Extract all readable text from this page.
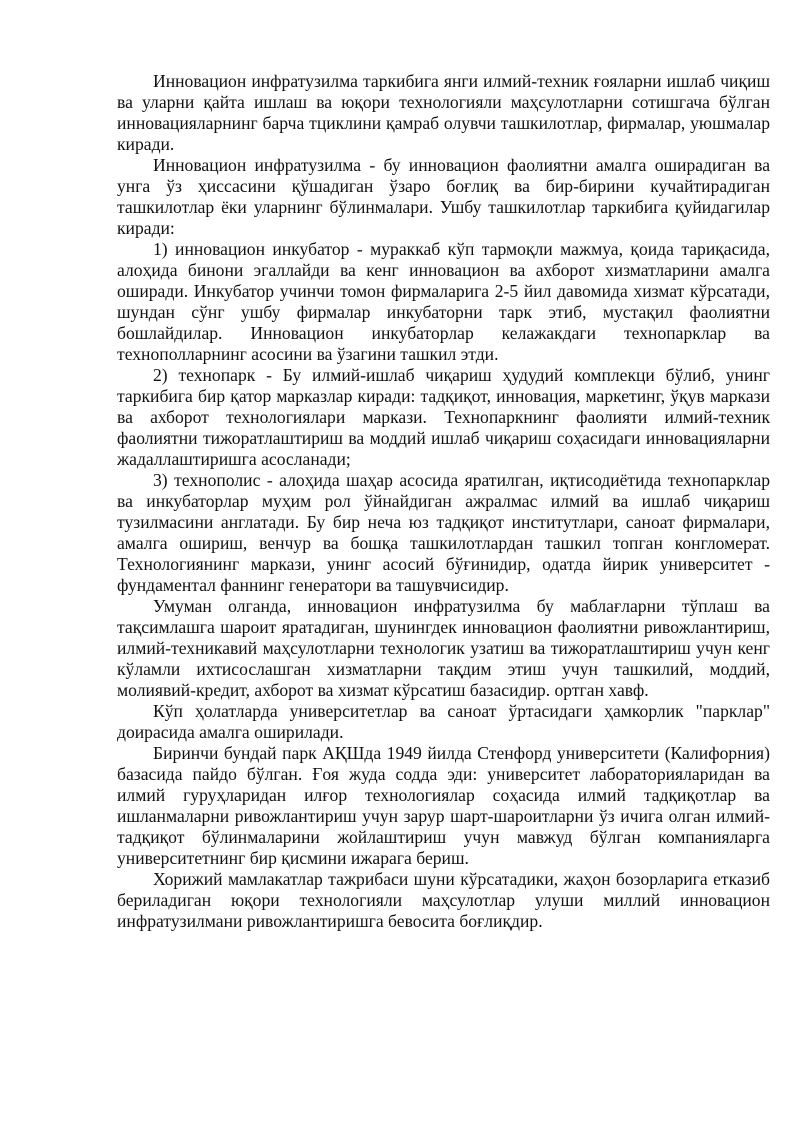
Инновацион инфратузилма таркибига янги илмий-техник ғояларни ишлаб чиқиш ва уларни қайта ишлаш ва юқори технологияли маҳсулотларни сотишгача бўлган инновацияларнинг барча тциклини қамраб олувчи ташкилотлар, фирмалар, уюшмалар киради.

Инновацион инфратузилма - бу инновацион фаолиятни амалга оширадиган ва унга ўз ҳиссасини қўшадиган ўзаро боғлиқ ва бир-бирини кучайтирадиган ташкилотлар ёки уларнинг бўлинмалари. Ушбу ташкилотлар таркибига қуйидагилар киради:

1) инновацион инкубатор - мураккаб кўп тармоқли мажмуа, қоида тариқасида, алоҳида бинони эгаллайди ва кенг инновацион ва ахборот хизматларини амалга оширади. Инкубатор учинчи томон фирмаларига 2-5 йил давомида хизмат кўрсатади, шундан сўнг ушбу фирмалар инкубаторни тарк этиб, мустақил фаолиятни бошлайдилар. Инновацион инкубаторлар келажакдаги технопарклар ва технополларнинг асосини ва ўзагини ташкил этди.

2) технопарк - Бу илмий-ишлаб чиқариш ҳудудий комплекци бўлиб, унинг таркибига бир қатор марказлар киради: тадқиқот, инновация, маркетинг, ўқув маркази ва ахборот технологиялари маркази. Технопаркнинг фаолияти илмий-техник фаолиятни тижоратлаштириш ва моддий ишлаб чиқариш соҳасидаги инновацияларни жадаллаштиришга асосланади;

3) технополис - алоҳида шаҳар асосида яратилган, иқтисодиётида технопарклар ва инкубаторлар муҳим рол ўйнайдиган ажралмас илмий ва ишлаб чиқариш тузилмасини англатади. Бу бир неча юз тадқиқот институтлари, саноат фирмалари, амалга ошириш, венчур ва бошқа ташкилотлардан ташкил топган конгломерат. Технологиянинг маркази, унинг асосий бўғинидир, одатда йирик университет - фундаментал фаннинг генератори ва ташувчисидир.

Умуман олганда, инновацион инфратузилма бу маблағларни тўплаш ва тақсимлашга шароит яратадиган, шунингдек инновацион фаолиятни ривожлантириш, илмий-техникавий маҳсулотларни технологик узатиш ва тижоратлаштириш учун кенг кўламли ихтисослашган хизматларни тақдим этиш учун ташкилий, моддий, молиявий-кредит, ахборот ва хизмат кўрсатиш базасидир. ортган хавф.

Кўп ҳолатларда университетлар ва саноат ўртасидаги ҳамкорлик "парклар" доирасида амалга оширилади.

Биринчи бундай парк АҚШда 1949 йилда Стенфорд университети (Калифорния) базасида пайдо бўлган. Ғоя жуда содда эди: университет лабораторияларидан ва илмий гуруҳларидан илғор технологиялар соҳасида илмий тадқиқотлар ва ишланмаларни ривожлантириш учун зарур шарт-шароитларни ўз ичига олган илмий-тадқиқот бўлинмаларини жойлаштириш учун мавжуд бўлган компанияларга университетнинг бир қисмини ижарага бериш.

Хорижий мамлакатлар тажрибаси шуни кўрсатадики, жаҳон бозорларига етказиб бериладиган юқори технологияли маҳсулотлар улуши миллий инновацион инфратузилмани ривожлантиришга бевосита боғлиқдир.
